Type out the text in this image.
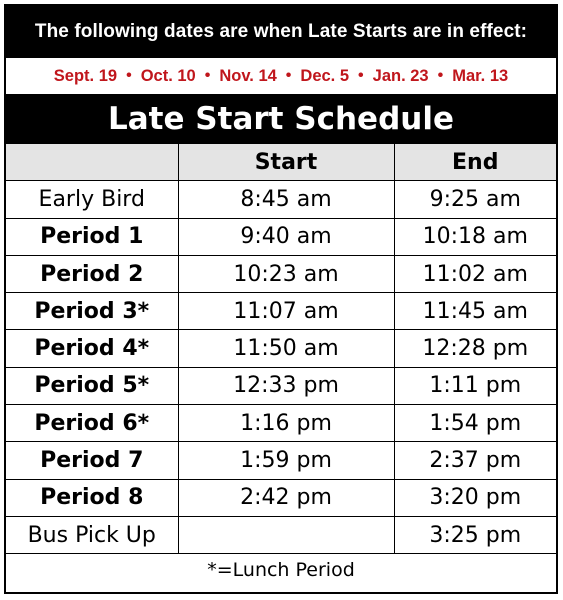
The following dates are when Late Starts are in effect:
Sept. 19 • Oct. 10 • Nov. 14 • Dec. 5 • Jan. 23 • Mar. 13
Late Start Schedule
	Start	End
Early Bird	8:45 am	9:25 am
Period 1	9:40 am	10:18 am
Period 2	10:23 am	11:02 am
Period 3*	11:07 am	11:45 am
Period 4*	11:50 am	12:28 pm
Period 5*	12:33 pm	1:11 pm
Period 6*	1:16 pm	1:54 pm
Period 7	1:59 pm	2:37 pm
Period 8	2:42 pm	3:20 pm
Bus Pick Up		3:25 pm
*=Lunch Period
